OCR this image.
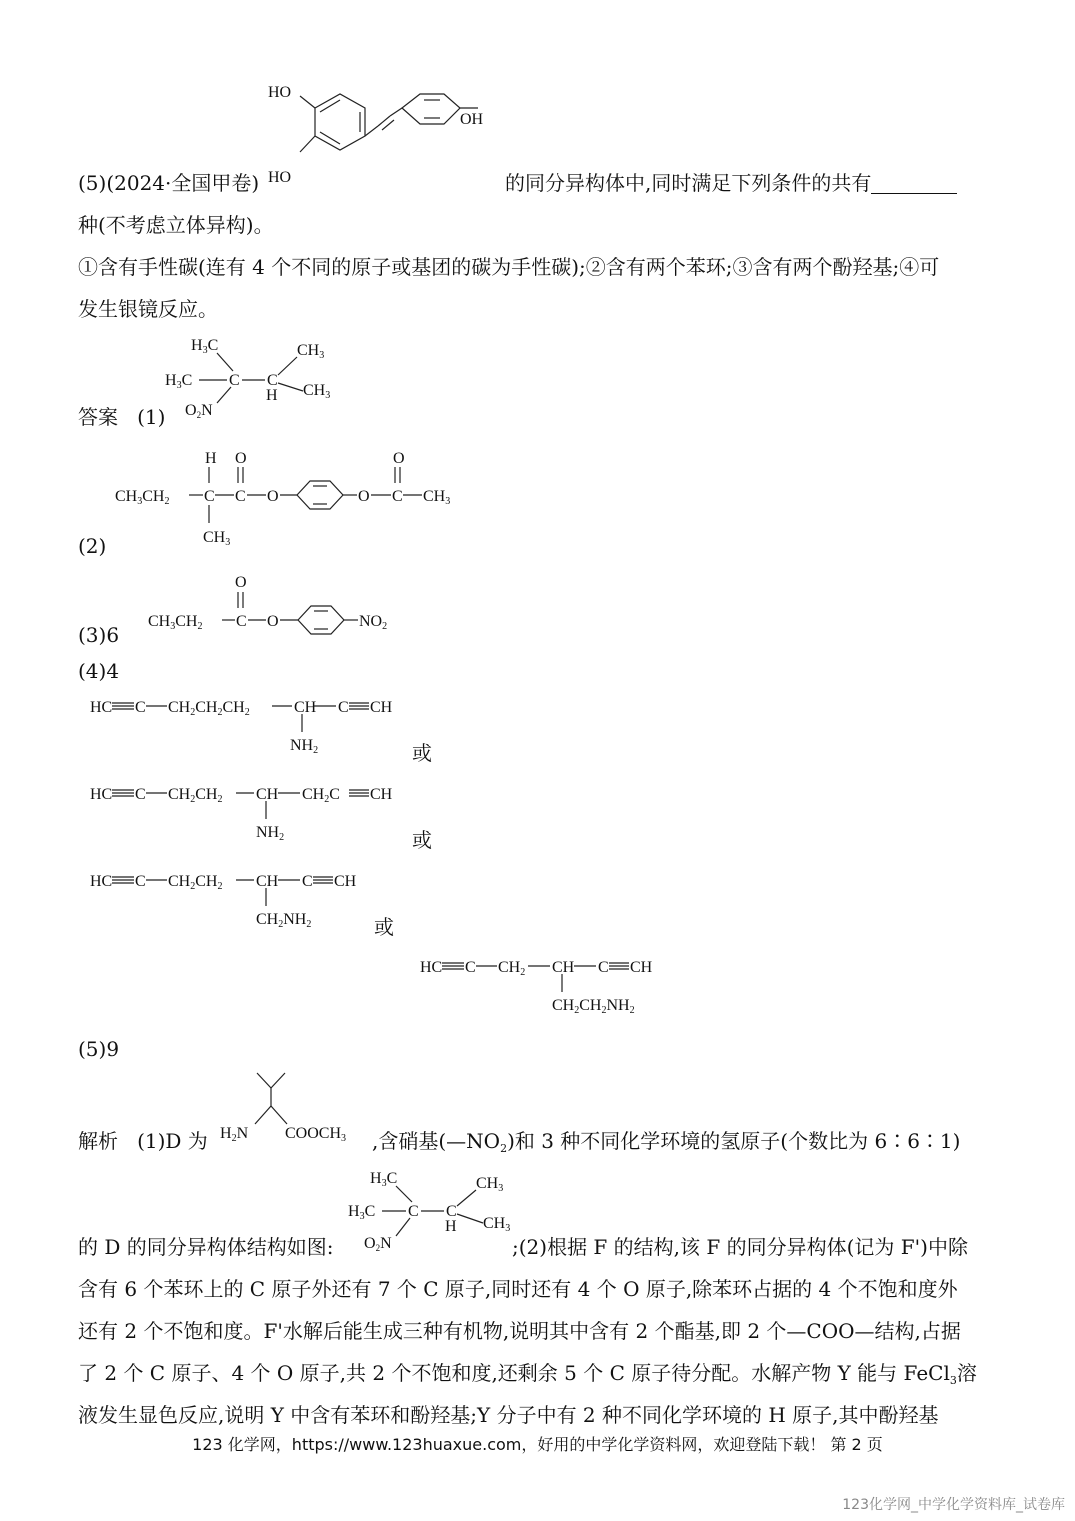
HO
HO
OH
(5)(2024·全国甲卷)	的同分异构体中,同时满足下列条件的共有
种(不考虑立体异构)。
①含有手性碳(连有 4 个不同的原子或基团的碳为手性碳);②含有两个苯环;③含有两个酚羟基;④可
发生银镜反应。
H3C
H3C C C
H
CH3
CH3
O2N
答案 (1)
H O	O
CH3CH2 C C O	O C CH3
CH3
(2)
O
CH3CH2 C O	NO2
(3)6
(4)4
HC C CH2CH2CH2	CH C CH
NH2	或
HC C CH2CH2 CH CH2C CH
NH2	或
HC C CH2CH2 CH C CH
CH2NH2	或
HC C CH2 CH C CH
CH2CH2NH2
(5)9
H2N COOCH3
解析 (1)D 为	,含硝基$(—NO_2)$和 3 种不同化学环境的氢原子(个数比为 6∶6∶1)
H3C
H3C C C
H
CH3
CH3
O2N
的 D 的同分异构体结构如图:	;(2)根据 F 的结构,该 F 的同分异构体(记为 F')中除
含有 6 个苯环上的 C 原子外还有 7 个 C 原子,同时还有 4 个 O 原子,除苯环占据的 4 个不饱和度外
还有 2 个不饱和度。F'水解后能生成三种有机物,说明其中含有 2 个酯基,即 2 个—COO—结构,占据
了 2 个 C 原子、4 个 O 原子,共 2 个不饱和度,还剩余 5 个 C 原子待分配。水解产物 Y 能与 FeCl$_3$溶
液发生显色反应,说明 Y 中含有苯环和酚羟基;Y 分子中有 2 种不同化学环境的 H 原子,其中酚羟基
123 化学网，https://www.123huaxue.com，好用的中学化学资料网，欢迎登陆下载！ 第 2 页
123化学网_中学化学资料库_试卷库
